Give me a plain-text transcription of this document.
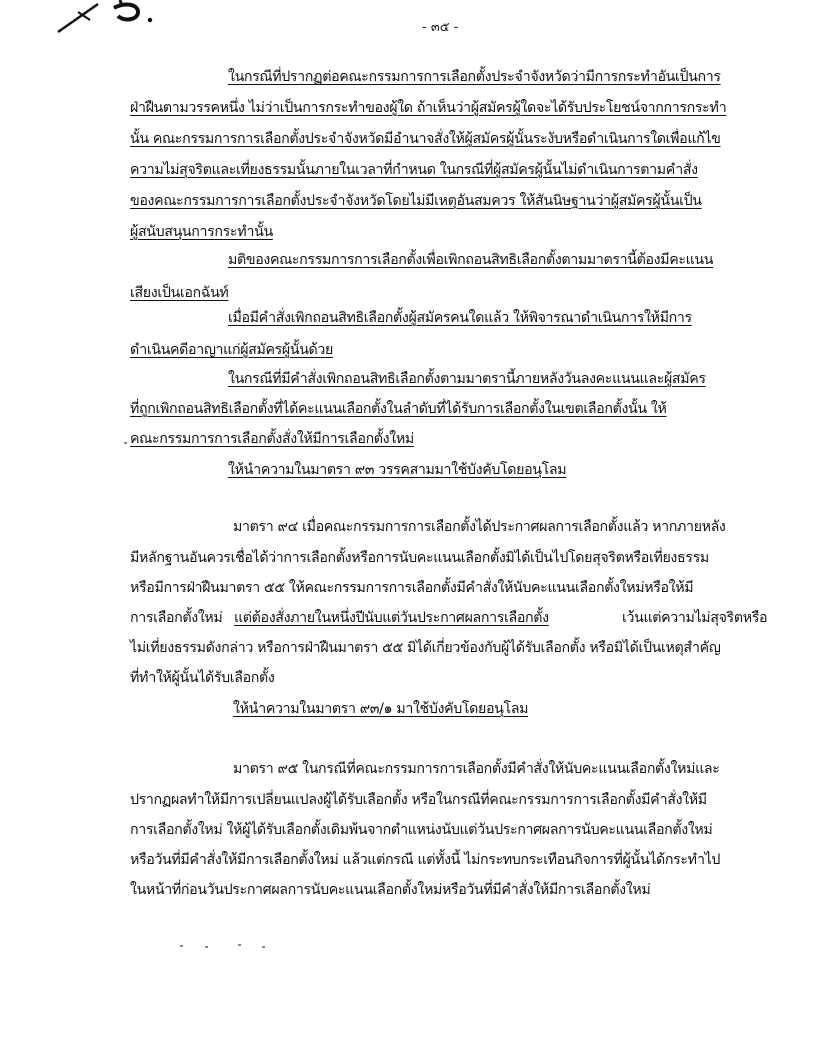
- ๓๕ -
ในกรณีที่ปรากฏต่อคณะกรรมการการเลือกตั้งประจำจังหวัดว่ามีการกระทำอันเป็นการ
ฝ่าฝืนตามวรรคหนึ่ง ไม่ว่าเป็นการกระทำของผู้ใด ถ้าเห็นว่าผู้สมัครผู้ใดจะได้รับประโยชน์จากการกระทำ
นั้น คณะกรรมการการเลือกตั้งประจำจังหวัดมีอำนาจสั่งให้ผู้สมัครผู้นั้นระงับหรือดำเนินการใดเพื่อแก้ไข
ความไม่สุจริตและเที่ยงธรรมนั้นภายในเวลาที่กำหนด ในกรณีที่ผู้สมัครผู้นั้นไม่ดำเนินการตามคำสั่ง
ของคณะกรรมการการเลือกตั้งประจำจังหวัดโดยไม่มีเหตุอันสมควร ให้สันนิษฐานว่าผู้สมัครผู้นั้นเป็น
ผู้สนับสนุนการกระทำนั้น
มติของคณะกรรมการการเลือกตั้งเพื่อเพิกถอนสิทธิเลือกตั้งตามมาตรานี้ต้องมีคะแนน
เสียงเป็นเอกฉันท์
เมื่อมีคำสั่งเพิกถอนสิทธิเลือกตั้งผู้สมัครคนใดแล้ว ให้พิจารณาดำเนินการให้มีการ
ดำเนินคดีอาญาแก่ผู้สมัครผู้นั้นด้วย
ในกรณีที่มีคำสั่งเพิกถอนสิทธิเลือกตั้งตามมาตรานี้ภายหลังวันลงคะแนนและผู้สมัคร
ที่ถูกเพิกถอนสิทธิเลือกตั้งที่ได้คะแนนเลือกตั้งในลำดับที่ได้รับการเลือกตั้งในเขตเลือกตั้งนั้น ให้
คณะกรรมการการเลือกตั้งสั่งให้มีการเลือกตั้งใหม่
ให้นำความในมาตรา ๙๓ วรรคสามมาใช้บังคับโดยอนุโลม
มาตรา ๙๔ เมื่อคณะกรรมการการเลือกตั้งได้ประกาศผลการเลือกตั้งแล้ว หากภายหลัง
มีหลักฐานอันควรเชื่อได้ว่าการเลือกตั้งหรือการนับคะแนนเลือกตั้งมิได้เป็นไปโดยสุจริตหรือเที่ยงธรรม
หรือมีการฝ่าฝืนมาตรา ๕๕ ให้คณะกรรมการการเลือกตั้งมีคำสั่งให้นับคะแนนเลือกตั้งใหม่หรือให้มี
การเลือกตั้งใหม่ แต่ต้องสั่งภายในหนึ่งปีนับแต่วันประกาศผลการเลือกตั้ง	เว้นแต่ความไม่สุจริตหรือ
ไม่เที่ยงธรรมดังกล่าว หรือการฝ่าฝืนมาตรา ๕๕ มิได้เกี่ยวข้องกับผู้ได้รับเลือกตั้ง หรือมิได้เป็นเหตุสำคัญ
ที่ทำให้ผู้นั้นได้รับเลือกตั้ง
ให้นำความในมาตรา ๙๓/๑ มาใช้บังคับโดยอนุโลม
มาตรา ๙๕ ในกรณีที่คณะกรรมการการเลือกตั้งมีคำสั่งให้นับคะแนนเลือกตั้งใหม่และ
ปรากฏผลทำให้มีการเปลี่ยนแปลงผู้ได้รับเลือกตั้ง หรือในกรณีที่คณะกรรมการการเลือกตั้งมีคำสั่งให้มี
การเลือกตั้งใหม่ ให้ผู้ได้รับเลือกตั้งเดิมพ้นจากตำแหน่งนับแต่วันประกาศผลการนับคะแนนเลือกตั้งใหม่
หรือวันที่มีคำสั่งให้มีการเลือกตั้งใหม่ แล้วแต่กรณี แต่ทั้งนี้ ไม่กระทบกระเทือนกิจการที่ผู้นั้นได้กระทำไป
ในหน้าที่ก่อนวันประกาศผลการนับคะแนนเลือกตั้งใหม่หรือวันที่มีคำสั่งให้มีการเลือกตั้งใหม่
